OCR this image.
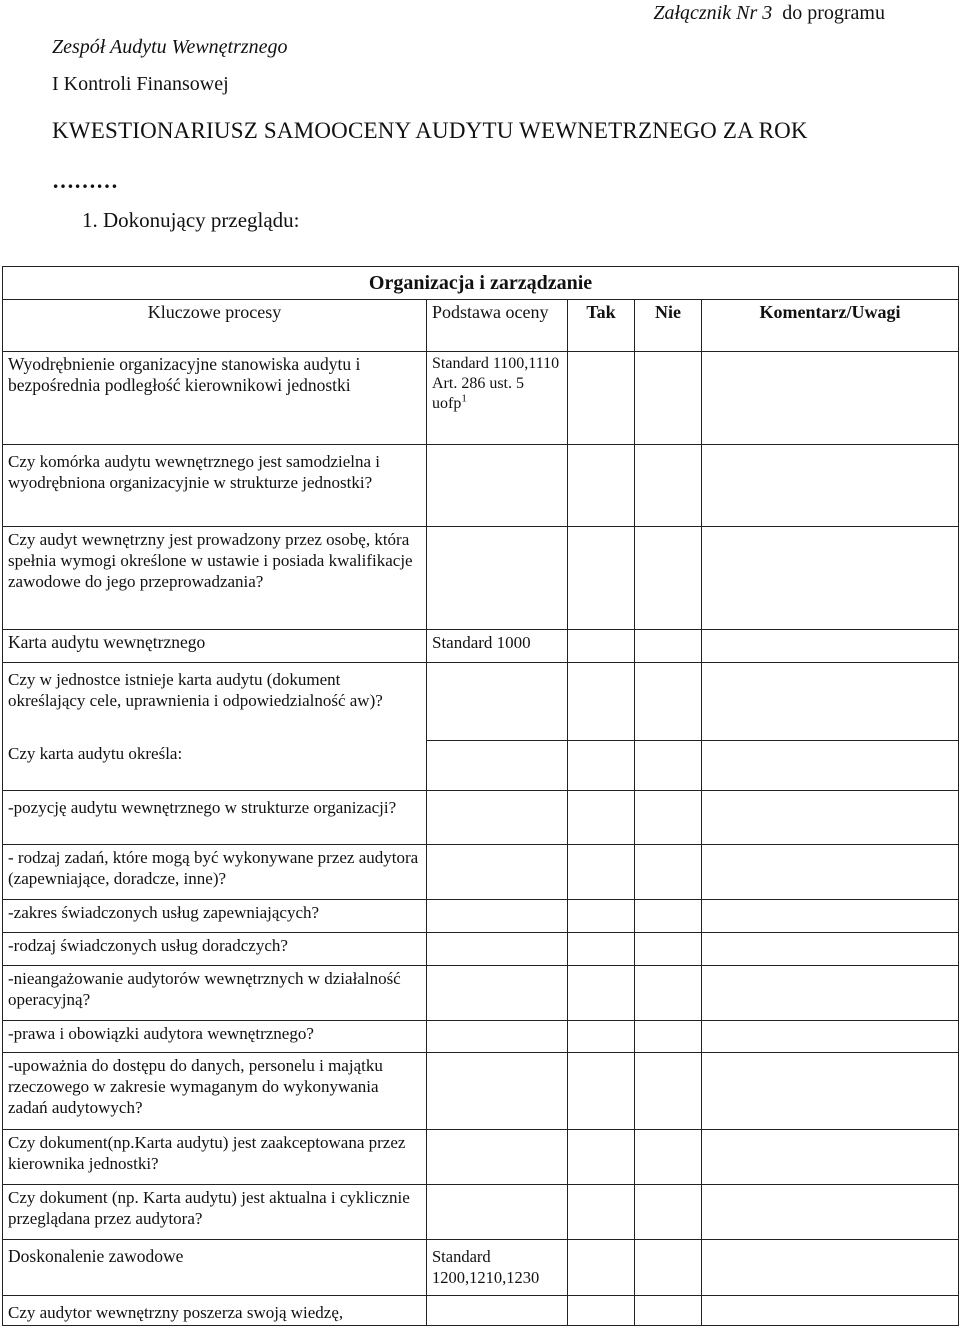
Załącznik Nr 3 do programu
Zespół Audytu Wewnętrznego
I Kontroli Finansowej
KWESTIONARIUSZ SAMOOCENY AUDYTU WEWNETRZNEGO ZA ROK
………
1. Dokonujący przeglądu:
Organizacja i zarządzanie				
Kluczowe procesy	Podstawa oceny	Tak	Nie	Komentarz/Uwagi
Wyodrębnienie organizacyjne stanowiska audytu i bezpośrednia podległość kierownikowi jednostki	Standard 1100,1110
Art. 286 ust. 5 uofp$^1$			
Czy komórka audytu wewnętrznego jest samodzielna i wyodrębniona organizacyjnie w strukturze jednostki?				
Czy audyt wewnętrzny jest prowadzony przez osobę, która spełnia wymogi określone w ustawie i posiada kwalifikacje zawodowe do jego przeprowadzania?				
Karta audytu wewnętrznego	Standard 1000			
Czy w jednostce istnieje karta audytu (dokument określający cele, uprawnienia i odpowiedzialność aw)?				
Czy karta audytu określa:				
-pozycję audytu wewnętrznego w strukturze organizacji?				
- rodzaj zadań, które mogą być wykonywane przez audytora (zapewniające, doradcze, inne)?				
-zakres świadczonych usług zapewniających?				
-rodzaj świadczonych usług doradczych?				
-nieangażowanie audytorów wewnętrznych w działalność operacyjną?				
-prawa i obowiązki audytora wewnętrznego?				
-upoważnia do dostępu do danych, personelu i majątku rzeczowego w zakresie wymaganym do wykonywania zadań audytowych?				
Czy dokument(np.Karta audytu) jest zaakceptowana przez kierownika jednostki?				
Czy dokument (np. Karta audytu) jest aktualna i cyklicznie przeglądana przez audytora?				
Doskonalenie zawodowe	Standard 1200,1210,1230			
Czy audytor wewnętrzny poszerza swoją wiedzę,				
